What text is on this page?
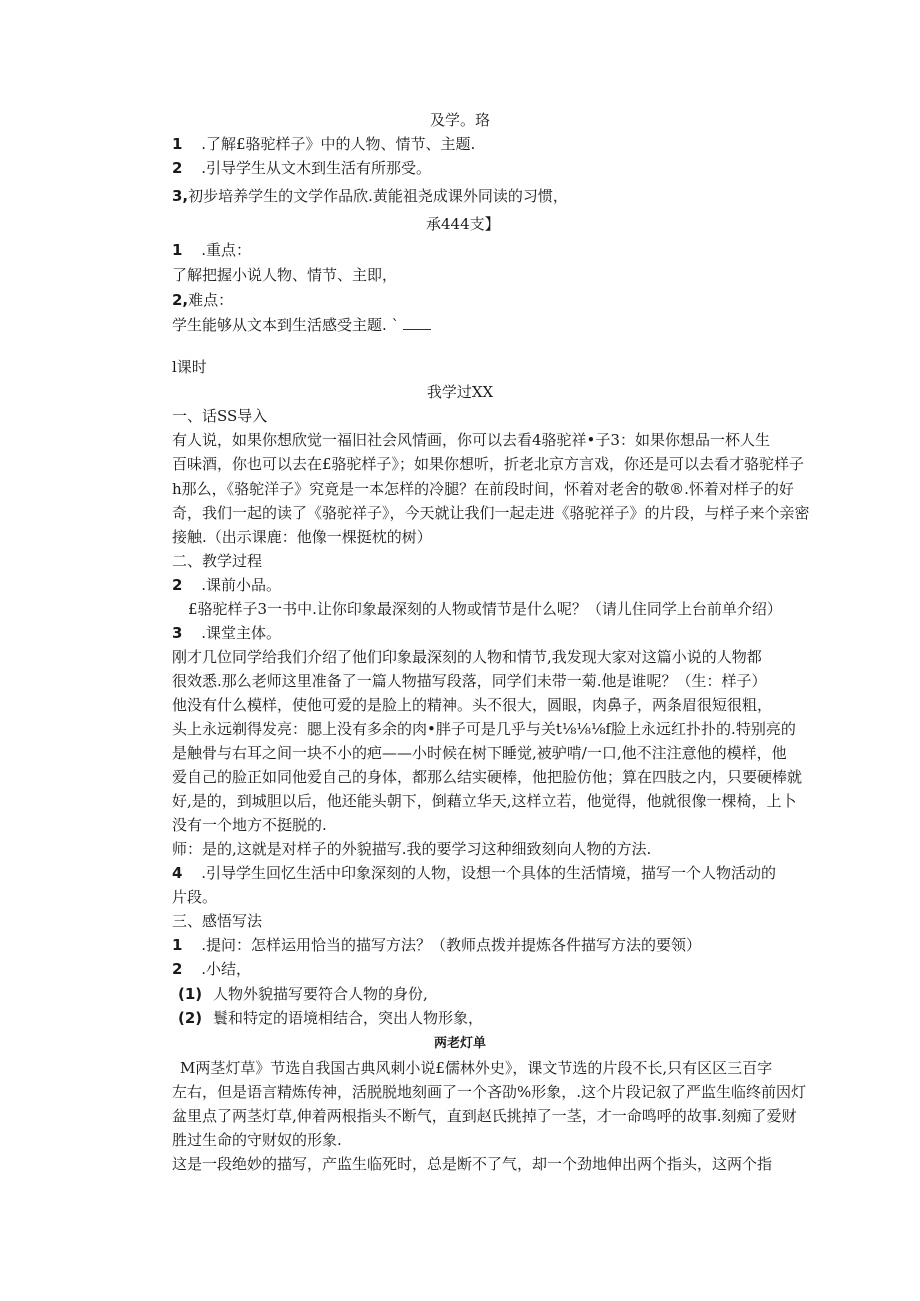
及学。珞
1 .了解£骆驼样子》中的人物、情节、主题.
2 .引导学生从文木到生活有所那受。
3,初步培养学生的文学作品欣.黄能祖尧成课外同读的习惯，
承444支】
1 .重点：
了解把握小说人物、情节、主即，
2,难点：
学生能够从文本到生活感受主题. `
l课时
我学过XX
一、话SS导入
有人说，如果你想欣觉一福旧社会风情画，你可以去看4骆驼祥•子3：如果你想品一杯人生
百味酒，你也可以去在£骆驼样子》；如果你想听，折老北京方言戏，你还是可以去看才骆驼样子
h那么，《骆鸵洋子》究竟是一本怎样的冷腿？在前段时间，怀着对老舍的敬®.怀着对样子的好
奇，我们一起的读了《骆驼祥子》，今天就让我们一起走进《骆驼祥子》的片段，与样子来个亲密
接触.（出示课鹿：他像一棵挺枕的树）
二、教学过程
2 .课前小品。
£骆驼样子3一书中.让你印象最深刻的人物或情节是什么呢？（请儿住同学上台前单介绍）
3 .课堂主体。
刚才几位同学给我们介绍了他们印象最深刻的人物和情节,我发现大家对这篇小说的人物都
很效悉.那么老师这里准备了一篇人物描写段落，同学们未带一菊.他是谁呢？（生：样子）
他没有什么模样，使他可爱的是脸上的精神。头不很大，圆眼，肉鼻子，两条眉很短很粗，
头上永远剃得发亮：腮上没有多余的肉•胖子可是几乎与关t⅛⅛⅛f脸上永远红扑扑的.特别亮的
是触骨与右耳之间一块不小的疤——小时候在树下睡觉,被驴啃/一口,他不注注意他的模样，他
爱自己的脸正如同他爱自己的身体，都那么结实硬棒，他把脸仿他；算在四肢之内，只要硬棒就
好,是的，到城胆以后，他还能头朝下，倒藉立华天,这样立若，他觉得，他就很像一棵椅，上卜
没有一个地方不挺脱的.
师：是的,这就是对样子的外貌描写.我的要学习这种细致刻向人物的方法.
4 .引导学生回忆生活中印象深刻的人物，设想一个具体的生活情境，描写一个人物活动的
片段。
三、感悟写法
1 .提问：怎样运用恰当的描写方法？（教师点拨并提炼各件描写方法的要领）
2 .小结，
(1) 人物外貌描写要符合人物的身份,
(2) 鬟和特定的语境相结合，突出人物形象，
两老灯单
M两茎灯草》节选自我国古典风刺小说£儒林外史》，课文节选的片段不长,只有区区三百字
左右，但是语言精炼传神，活脱脱地刻画了一个吝劭%形象，.这个片段记叙了严监生临终前因灯
盆里点了两茎灯草,伸着两根指头不断气，直到赵氏挑掉了一茎，才一命鸣呼的故事.刻痴了爱财
胜过生命的守财奴的形象.
这是一段绝妙的描写，产监生临死时，总是断不了气，却一个劲地伸出两个指头，这两个指
